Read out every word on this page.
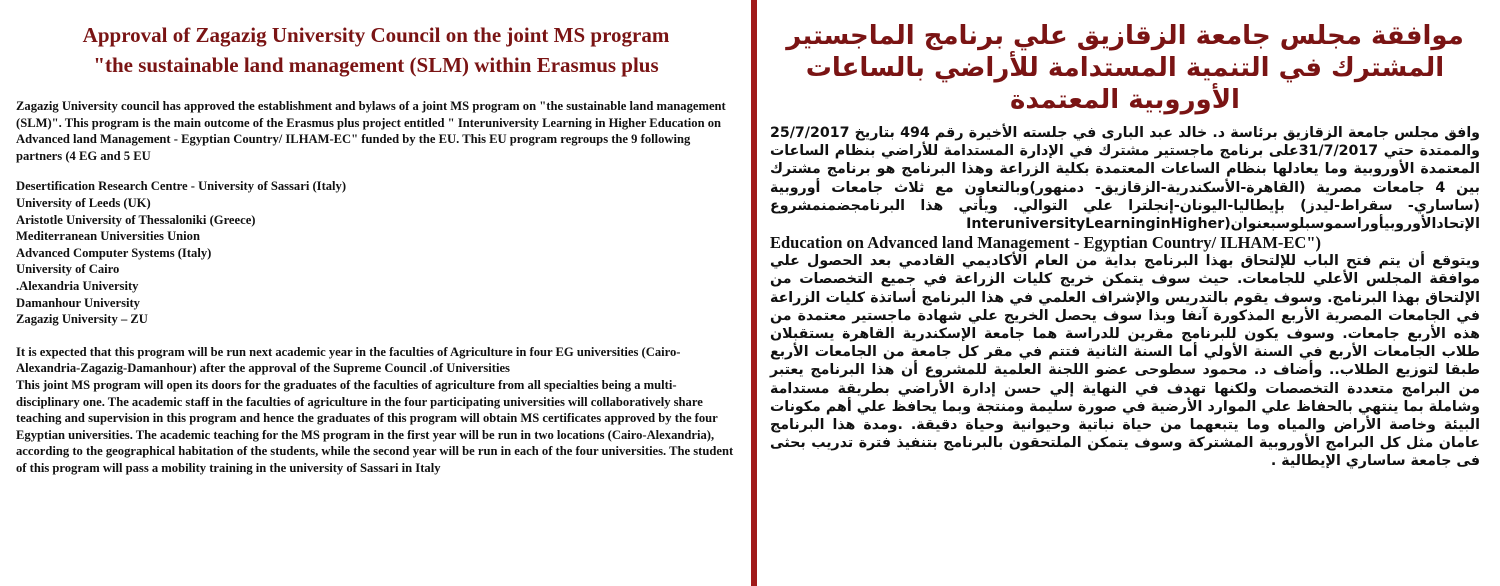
Approval of Zagazig University Council on the joint MS program
"the sustainable land management (SLM) within Erasmus plus

Zagazig University council has approved the establishment and bylaws of a joint MS program on "the sustainable land management (SLM)". This program is the main outcome of the Erasmus plus project entitled " Interuniversity Learning in Higher Education on Advanced land Management - Egyptian Country/ ILHAM-EC" funded by the EU. This EU program regroups the 9 following partners (4 EG and 5 EU

Desertification Research Centre - University of Sassari (Italy)
University of Leeds (UK)
Aristotle University of Thessaloniki (Greece)
Mediterranean Universities Union
Advanced Computer Systems (Italy)
University of Cairo
.Alexandria University
Damanhour University
Zagazig University – ZU

It is expected that this program will be run next academic year in the faculties of Agriculture in four EG universities (Cairo-Alexandria-Zagazig-Damanhour) after the approval of the Supreme Council .of Universities

This joint MS program will open its doors for the graduates of the faculties of agriculture from all specialties being a multi-disciplinary one. The academic staff in the faculties of agriculture in the four participating universities will collaboratively share teaching and supervision in this program and hence the graduates of this program will obtain MS certificates approved by the four Egyptian universities. The academic teaching for the MS program in the first year will be run in two locations (Cairo-Alexandria), according to the geographical habitation of the students, while the second year will be run in each of the four universities. The student of this program will pass a mobility training in the university of Sassari in Italy

موافقة مجلس جامعة الزقازيق علي برنامج الماجستير المشترك في التنمية المستدامة للأراضي بالساعات الأوروبية المعتمدة

وافق مجلس جامعة الزقازيق برئاسة د. خالد عبد البارى في جلسته الأخيرة رقم 494 بتاريخ 25/7/2017 والممتدة حتي 31/7/2017على برنامج ماجستير مشترك في الإدارة المستدامة للأراضي بنظام الساعات المعتمدة الأوروبية وما يعادلها بنظام الساعات المعتمدة بكلية الزراعة وهذا البرنامج هو برنامج مشترك بين 4 جامعات مصرية (القاهرة-الأسكندرية-الزقازيق- دمنهور)وبالتعاون مع ثلاث جامعات أوروبية (ساساري- سقراط-ليدز) بإيطاليا-اليونان-إنجلترا علي التوالي. ويأتي هذا البرنامجضمنمشروع الإتحادالأوروبيأوراسموسبلوسبعنوان(InteruniversityLearninginHigher
Education on Advanced land Management - Egyptian Country/ ILHAM-EC")

ويتوقع أن يتم فتح الباب للإلتحاق بهذا البرنامج بداية من العام الأكاديمي القادمي بعد الحصول علي موافقة المجلس الأعلي للجامعات. حيث سوف يتمكن خريج كليات الزراعة في جميع التخصصات من الإلتحاق بهذا البرنامج. وسوف يقوم بالتدريس والإشراف العلمي في هذا البرنامج أساتذة كليات الزراعة في الجامعات المصرية الأربع المذكورة آنفا وبذا سوف يحصل الخريج علي شهادة ماجستير معتمدة من هذه الأربع جامعات. وسوف يكون للبرنامج مقرين للدراسة هما جامعة الإسكندرية القاهرة يستقبلان طلاب الجامعات الأربع في السنة الأولي أما السنة الثانية فتتم في مقر كل جامعة من الجامعات الأربع طبقا لتوزيع الطلاب.. وأضاف د. محمود سطوحى عضو اللجنة العلمية للمشروع أن هذا البرنامج يعتبر من البرامج متعددة التخصصات ولكنها تهدف في النهاية إلي حسن إدارة الأراضي بطريقة مستدامة وشاملة بما ينتهي بالحفاظ علي الموارد الأرضية في صورة سليمة ومنتجة وبما يحافظ علي أهم مكونات البيئة وخاصة الأراض والمياه وما يتبعهما من حياة نباتية وحيوانية وحياة دقيقة. .ومدة هذا البرنامج عامان مثل كل البرامج الأوروبية المشتركة وسوف يتمكن الملتحقون بالبرنامج بتنفيذ فترة تدريب بحثى فى جامعة ساساري الإيطالية .
